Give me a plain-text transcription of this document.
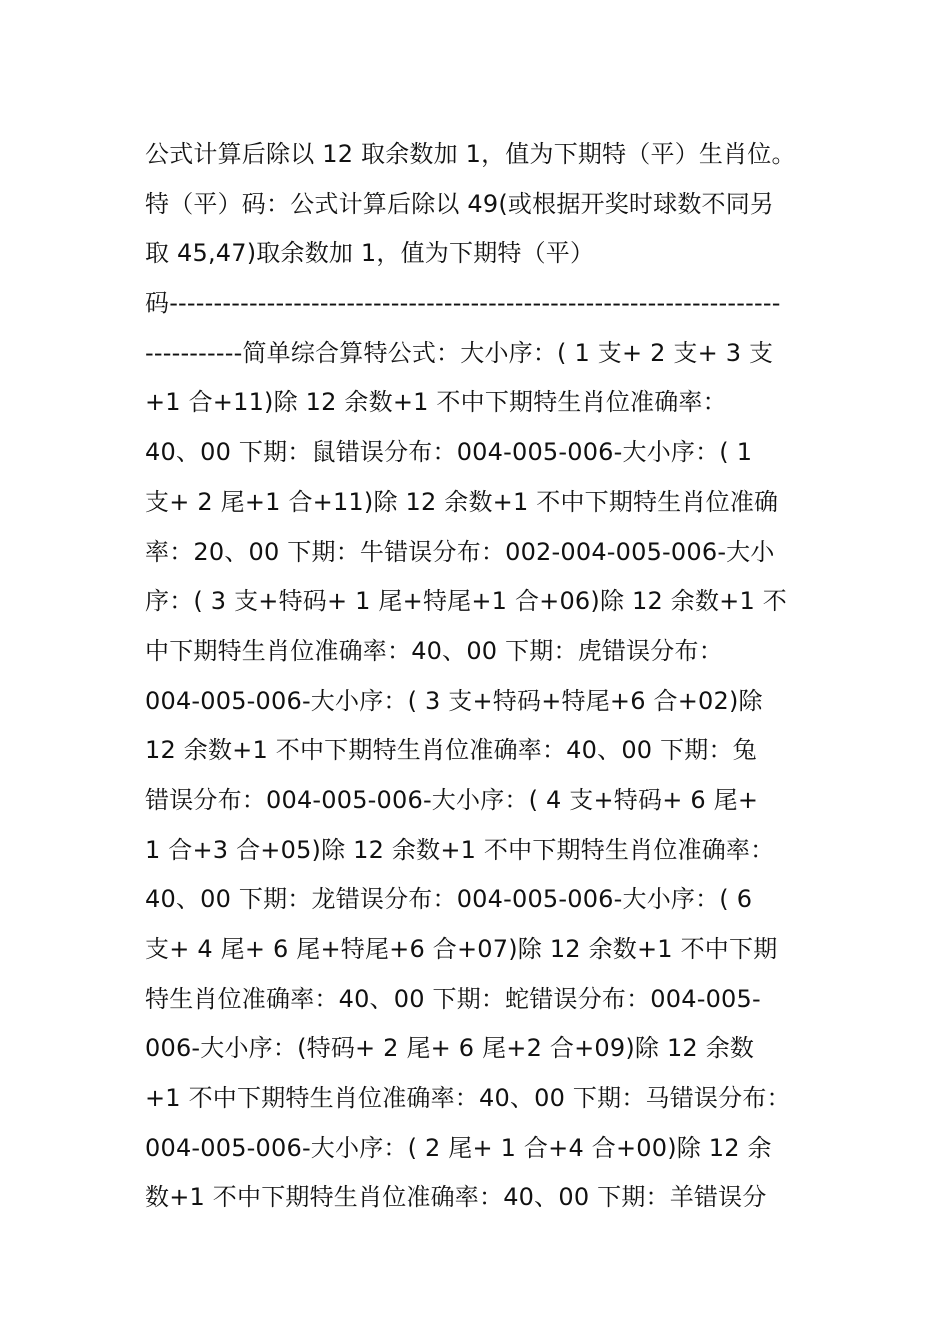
公式计算后除以 12 取余数加 1，值为下期特（平）生肖位。
特（平）码：公式计算后除以 49(或根据开奖时球数不同另
取 45,47)取余数加 1，值为下期特（平）
码---------------------------------------------------------------------
-----------简单综合算特公式：大小序：( 1 支+ 2 支+ 3 支
+1 合+11)除 12 余数+1 不中下期特生肖位准确率：
40、00 下期：鼠错误分布：004-005-006-大小序：( 1
支+ 2 尾+1 合+11)除 12 余数+1 不中下期特生肖位准确
率：20、00 下期：牛错误分布：002-004-005-006-大小
序：( 3 支+特码+ 1 尾+特尾+1 合+06)除 12 余数+1 不
中下期特生肖位准确率：40、00 下期：虎错误分布：
004-005-006-大小序：( 3 支+特码+特尾+6 合+02)除
12 余数+1 不中下期特生肖位准确率：40、00 下期：兔
错误分布：004-005-006-大小序：( 4 支+特码+ 6 尾+
1 合+3 合+05)除 12 余数+1 不中下期特生肖位准确率：
40、00 下期：龙错误分布：004-005-006-大小序：( 6
支+ 4 尾+ 6 尾+特尾+6 合+07)除 12 余数+1 不中下期
特生肖位准确率：40、00 下期：蛇错误分布：004-005-
006-大小序：(特码+ 2 尾+ 6 尾+2 合+09)除 12 余数
+1 不中下期特生肖位准确率：40、00 下期：马错误分布：
004-005-006-大小序：( 2 尾+ 1 合+4 合+00)除 12 余
数+1 不中下期特生肖位准确率：40、00 下期：羊错误分
